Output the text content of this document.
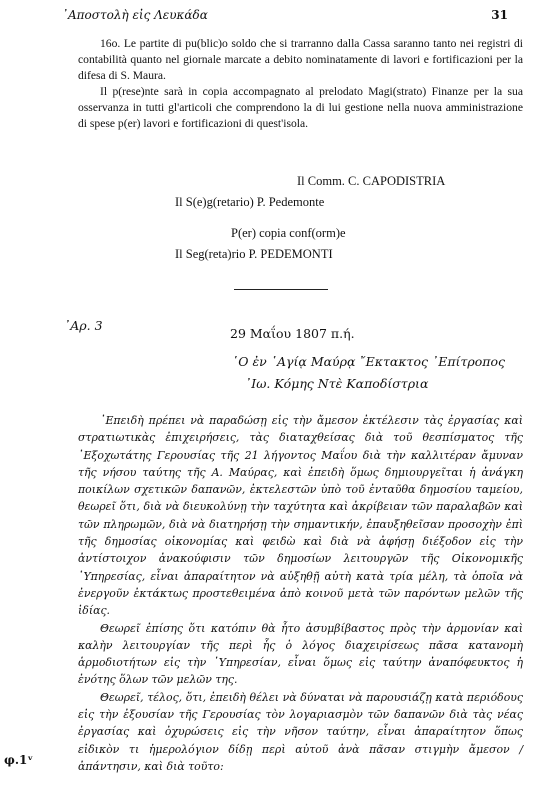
᾿Αποστολὴ εἰς Λευκάδα	31

16o. Le partite di pu(blic)o soldo che si trarranno dalla Cassa saranno tanto nei registri di contabilità quanto nel giornale marcate a debito nominatamente di lavori e fortificazioni per la difesa di S. Maura.

Il p(rese)nte sarà in copia accompagnato al prelodato Magi(strato) Finanze per la sua osservanza in tutti gl'articoli che comprendono la di lui gestione nella nuova amministrazione di spese p(er) lavori e fortificazioni di quest'isola.

Il Comm. C. CAPODISTRIA
Il S(e)g(retario) P. Pedemonte
P(er) copia conf(orm)e
Il Seg(reta)rio P. PEDEMONTI
᾿Αρ. 3
29 Μαΐου 1807 π.ή.
῾Ο ἐν ῾Αγίᾳ Μαύρᾳ ῎Εκτακτος ᾿Επίτροπος
᾿Ιω. Κόμης Ντὲ Καποδίστρια

᾿Επειδὴ πρέπει νὰ παραδώσῃ εἰς τὴν ἄμεσον ἐκτέλεσιν τὰς ἐργασίας καὶ στρατιωτικὰς ἐπιχειρήσεις, τὰς διαταχθείσας διὰ τοῦ θεσπίσματος τῆς ᾿Εξοχωτάτης Γερουσίας τῆς 21 λήγοντος Μαΐου διὰ τὴν καλλιτέραν ἄμυναν τῆς νήσου ταύτης τῆς Α. Μαύρας, καὶ ἐπειδὴ ὅμως δημιουργεῖται ἡ ἀνάγκη ποικίλων σχετικῶν δαπανῶν, ἐκτελεστῶν ὑπὸ τοῦ ἐνταῦθα δημοσίου ταμείου, θεωρεῖ ὅτι, διὰ νὰ διευκολύνῃ τὴν ταχύτητα καὶ ἀκρίβειαν τῶν παραλαβῶν καὶ τῶν πληρωμῶν, διὰ νὰ διατηρήσῃ τὴν σημαντικήν, ἐπαυξηθεῖσαν προσοχὴν ἐπὶ τῆς δημοσίας οἰκονομίας καὶ φειδὼ καὶ διὰ νὰ ἀφήσῃ διέξοδον εἰς τὴν ἀντίστοιχον ἀνακούφισιν τῶν δημοσίων λειτουργῶν τῆς Οἰκονομικῆς ῾Υπηρεσίας, εἶναι ἀπαραίτητον νὰ αὐξηθῇ αὐτὴ κατὰ τρία μέλη, τὰ ὁποῖα νὰ ἐνεργοῦν ἐκτάκτως προστεθειμένα ἀπὸ κοινοῦ μετὰ τῶν παρόντων μελῶν τῆς ἰδίας.

Θεωρεῖ ἐπίσης ὅτι κατόπιν θὰ ἦτο ἀσυμβίβαστος πρὸς τὴν ἁρμονίαν καὶ καλὴν λειτουργίαν τῆς περὶ ἧς ὁ λόγος διαχειρίσεως πᾶσα κατανομὴ ἁρμοδιοτήτων εἰς τὴν ῾Υπηρεσίαν, εἶναι ὅμως εἰς ταύτην ἀναπόφευκτος ἡ ἑνότης ὅλων τῶν μελῶν της.

Θεωρεῖ, τέλος, ὅτι, ἐπειδὴ θέλει νὰ δύναται νὰ παρουσιάζῃ κατὰ περιόδους εἰς τὴν ἐξουσίαν τῆς Γερουσίας τὸν λογαριασμὸν τῶν δαπανῶν διὰ τὰς νέας ἐργασίας καὶ ὀχυρώσεις εἰς τὴν νῆσον ταύτην, εἶναι ἀπαραίτητον ὅπως εἰδικὸν τι ἡμερολόγιον δίδῃ περὶ αὐτοῦ ἀνὰ πᾶσαν στιγμὴν ἄμεσον / ἀπάντησιν, καὶ διὰ τοῦτο:

φ.1ᵛ
